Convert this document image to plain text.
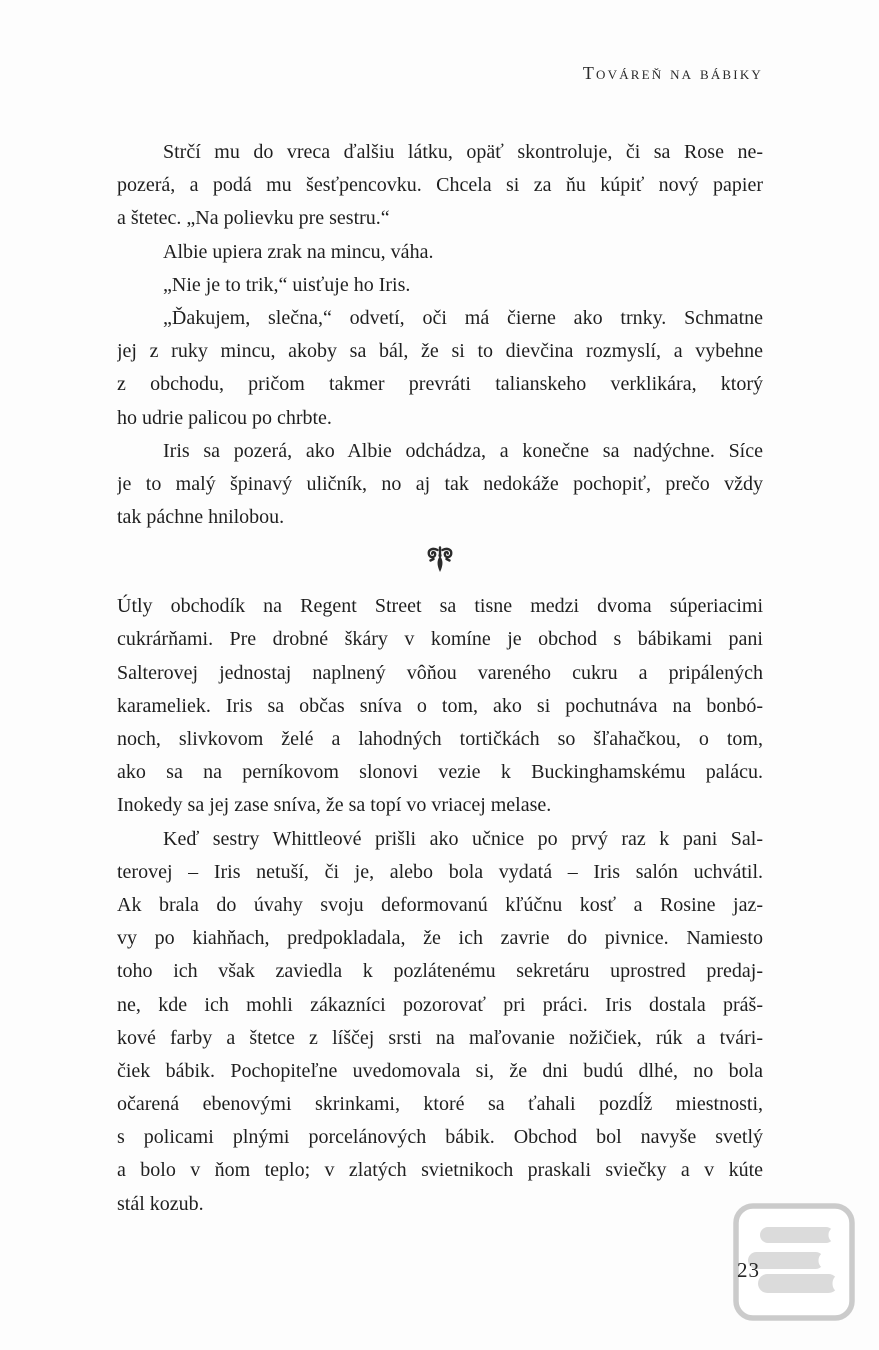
Továreň na bábiky
Strčí mu do vreca ďalšiu látku, opäť skontroluje, či sa Rose ne-
pozerá, a podá mu šesťpencovku. Chcela si za ňu kúpiť nový papier
a štetec. „Na polievku pre sestru.“
Albie upiera zrak na mincu, váha.
„Nie je to trik,“ uisťuje ho Iris.
„Ďakujem, slečna,“ odvetí, oči má čierne ako trnky. Schmatne
jej z ruky mincu, akoby sa bál, že si to dievčina rozmyslí, a vybehne
z obchodu, pričom takmer prevráti talianskeho verklikára, ktorý
ho udrie palicou po chrbte.
Iris sa pozerá, ako Albie odchádza, a konečne sa nadýchne. Síce
je to malý špinavý uličník, no aj tak nedokáže pochopiť, prečo vždy
tak páchne hnilobou.
Útly obchodík na Regent Street sa tisne medzi dvoma súperiacimi
cukrárňami. Pre drobné škáry v komíne je obchod s bábikami pani
Salterovej jednostaj naplnený vôňou vareného cukru a pripálených
karameliek. Iris sa občas sníva o tom, ako si pochutnáva na bonbó-
noch, slivkovom želé a lahodných tortičkách so šľahačkou, o tom,
ako sa na perníkovom slonovi vezie k Buckinghamskému palácu.
Inokedy sa jej zase sníva, že sa topí vo vriacej melase.
Keď sestry Whittleové prišli ako učnice po prvý raz k pani Sal-
terovej – Iris netuší, či je, alebo bola vydatá – Iris salón uchvátil.
Ak brala do úvahy svoju deformovanú kľúčnu kosť a Rosine jaz-
vy po kiahňach, predpokladala, že ich zavrie do pivnice. Namiesto
toho ich však zaviedla k pozlátenému sekretáru uprostred predaj-
ne, kde ich mohli zákazníci pozorovať pri práci. Iris dostala práš-
kové farby a štetce z líščej srsti na maľovanie nožičiek, rúk a tvári-
čiek bábik. Pochopiteľne uvedomovala si, že dni budú dlhé, no bola
očarená ebenovými skrinkami, ktoré sa ťahali pozdĺž miestnosti,
s policami plnými porcelánových bábik. Obchod bol navyše svetlý
a bolo v ňom teplo; v zlatých svietnikoch praskali sviečky a v kúte
stál kozub.
23
